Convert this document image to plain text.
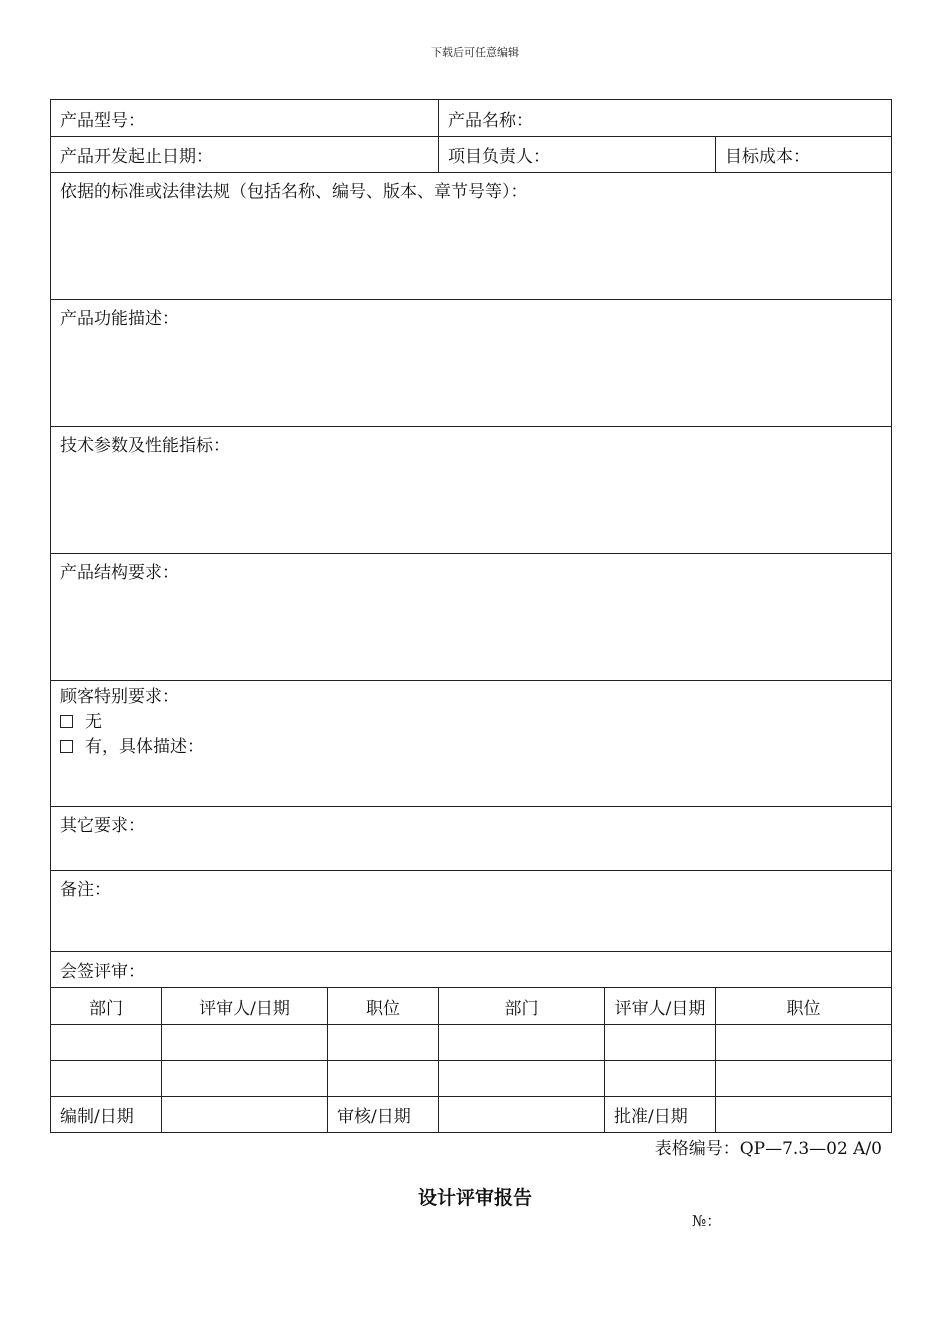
下载后可任意编辑
产品型号：			产品名称：		
产品开发起止日期：			项目负责人：		目标成本：
依据的标准或法律法规（包括名称、编号、版本、章节号等）：					
产品功能描述：					
技术参数及性能指标：					
产品结构要求：					

顾客特别要求：
无
有，具体描述：					

其它要求：					
备注：					
会签评审：					
部门	评审人/日期	职位	部门	评审人/日期	职位

编制/日期		审核/日期		批准/日期	
表格编号：QP—7.3—02 A/0
设计评审报告
№：
